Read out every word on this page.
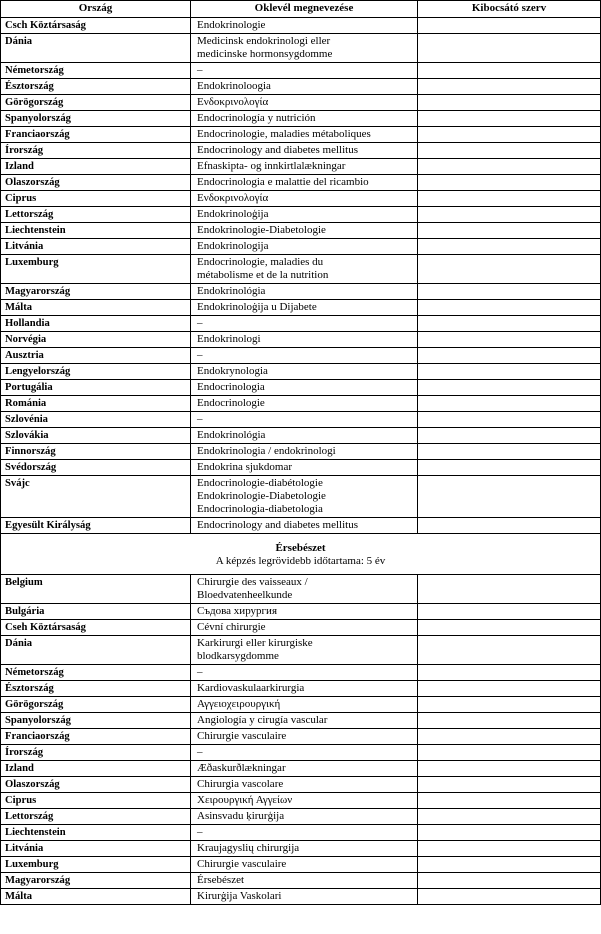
Ország	Oklevél megnevezése	Kibocsátó szerv
Csch Köztársaság	Endokrinologie	

Dánia	Medicinsk endokrinologi eller
medicinske hormonsygdomme	

Németország	–	

Észtország	Endokrinoloogia	

Görögország	Ενδοκρινολογία	

Spanyolország	Endocrinología y nutrición	

Franciaország	Endocrinologie, maladies métaboliques	

Írország	Endocrinology and diabetes mellitus	

Izland	Efnaskipta- og innkirtlalækningar	

Olaszország	Endocrinologia e malattie del ricambio	

Ciprus	Ενδοκρινολογία	

Lettország	Endokrinoloģija	

Liechtenstein	Endokrinologie-Diabetologie	

Litvánia	Endokrinologija	

Luxemburg	Endocrinologie, maladies du
métabolisme et de la nutrition	

Magyarország	Endokrinológia	

Málta	Endokrinoloġija u Dijabete	

Hollandia	–	

Norvégia	Endokrinologi	

Ausztria	–	

Lengyelország	Endokrynologia	

Portugália	Endocrinologia	

Románia	Endocrinologie	

Szlovénia	–	

Szlovákia	Endokrinológia	

Finnország	Endokrinologia / endokrinologi	

Svédország	Endokrina sjukdomar	

Svájc	Endocrinologie-diabétologie
Endokrinologie-Diabetologie
Endocrinologia-diabetologia	

Egyesült Királyság	Endocrinology and diabetes mellitus	

Érsebészet
A képzés legrövidebb időtartama: 5 év		

Belgium	Chirurgie des vaisseaux /
Bloedvatenheelkunde	

Bulgária	Съдова хирургия	

Cseh Köztársaság	Cévní chirurgie	

Dánia	Karkirurgi eller kirurgiske
blodkarsygdomme	

Németország	–	

Észtország	Kardiovaskulaarkirurgia	

Görögország	Αγγειοχειρουργική	

Spanyolország	Angiología y cirugía vascular	

Franciaország	Chirurgie vasculaire	

Írország	–	

Izland	Æðaskurðlækningar	

Olaszország	Chirurgia vascolare	

Ciprus	Χειρουργική Αγγείων	

Lettország	Asinsvadu ķirurģija	

Liechtenstein	–	

Litvánia	Kraujagyslių chirurgija	

Luxemburg	Chirurgie vasculaire	

Magyarország	Érsebészet	

Málta	Kirurġija Vaskolari	
